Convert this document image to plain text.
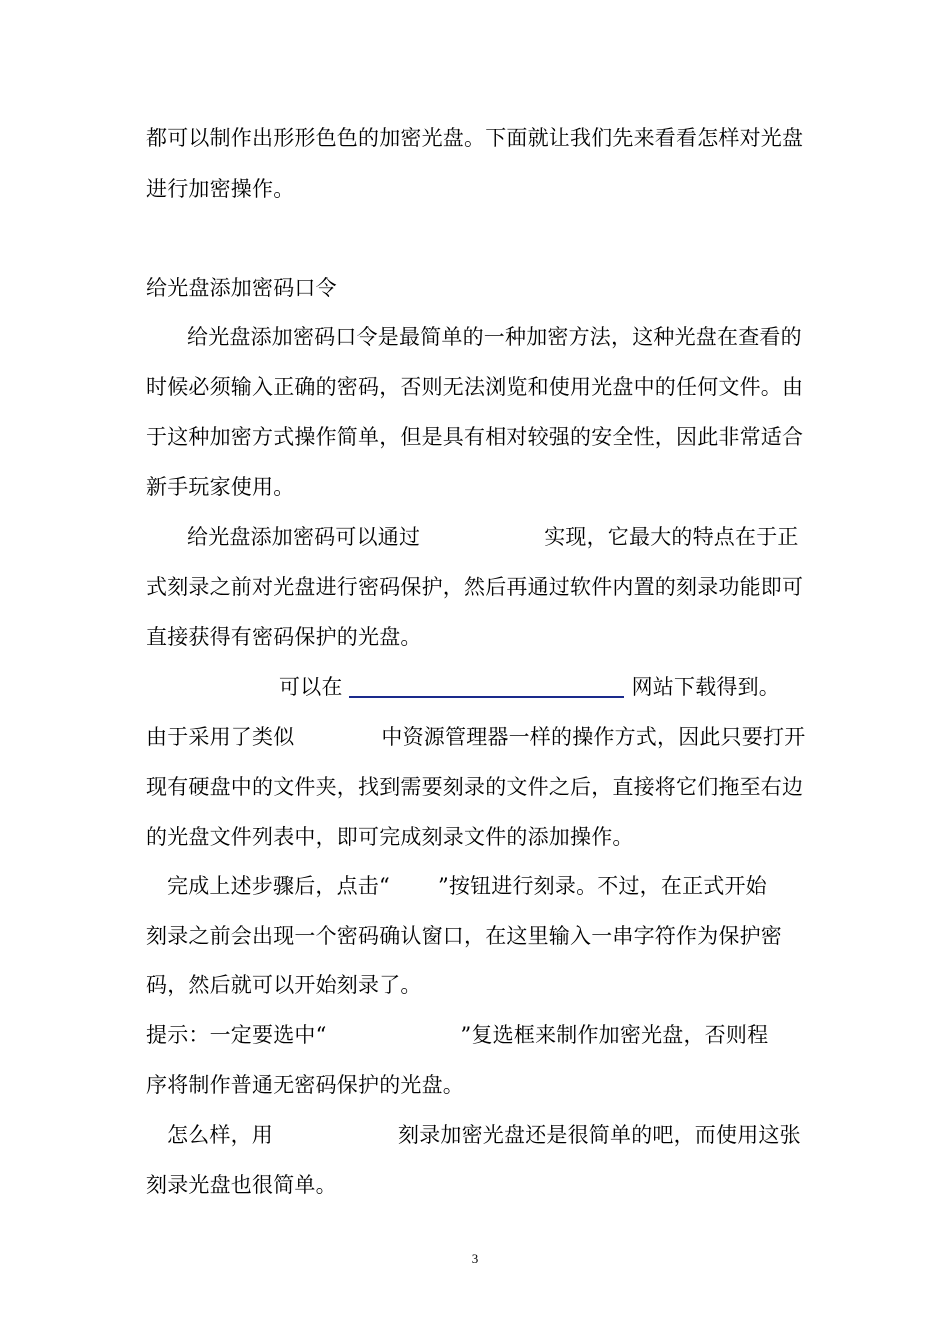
都可以制作出形形色色的加密光盘。下面就让我们先来看看怎样对光盘
进行加密操作。
给光盘添加密码口令
给光盘添加密码口令是最简单的一种加密方法，这种光盘在查看的
时候必须输入正确的密码，否则无法浏览和使用光盘中的任何文件。由
于这种加密方式操作简单，但是具有相对较强的安全性，因此非常适合
新手玩家使用。
给光盘添加密码可以通过	实现，它最大的特点在于正
式刻录之前对光盘进行密码保护，然后再通过软件内置的刻录功能即可
直接获得有密码保护的光盘。
可以在	网站下载得到。
由于采用了类似	中资源管理器一样的操作方式，因此只要打开
现有硬盘中的文件夹，找到需要刻录的文件之后，直接将它们拖至右边
的光盘文件列表中，即可完成刻录文件的添加操作。
完成上述步骤后，点击“ ”按钮进行刻录。不过，在正式开始
刻录之前会出现一个密码确认窗口，在这里输入一串字符作为保护密
码，然后就可以开始刻录了。
提示：一定要选中“	”复选框来制作加密光盘，否则程
序将制作普通无密码保护的光盘。
怎么样，用	刻录加密光盘还是很简单的吧，而使用这张
刻录光盘也很简单。
3
